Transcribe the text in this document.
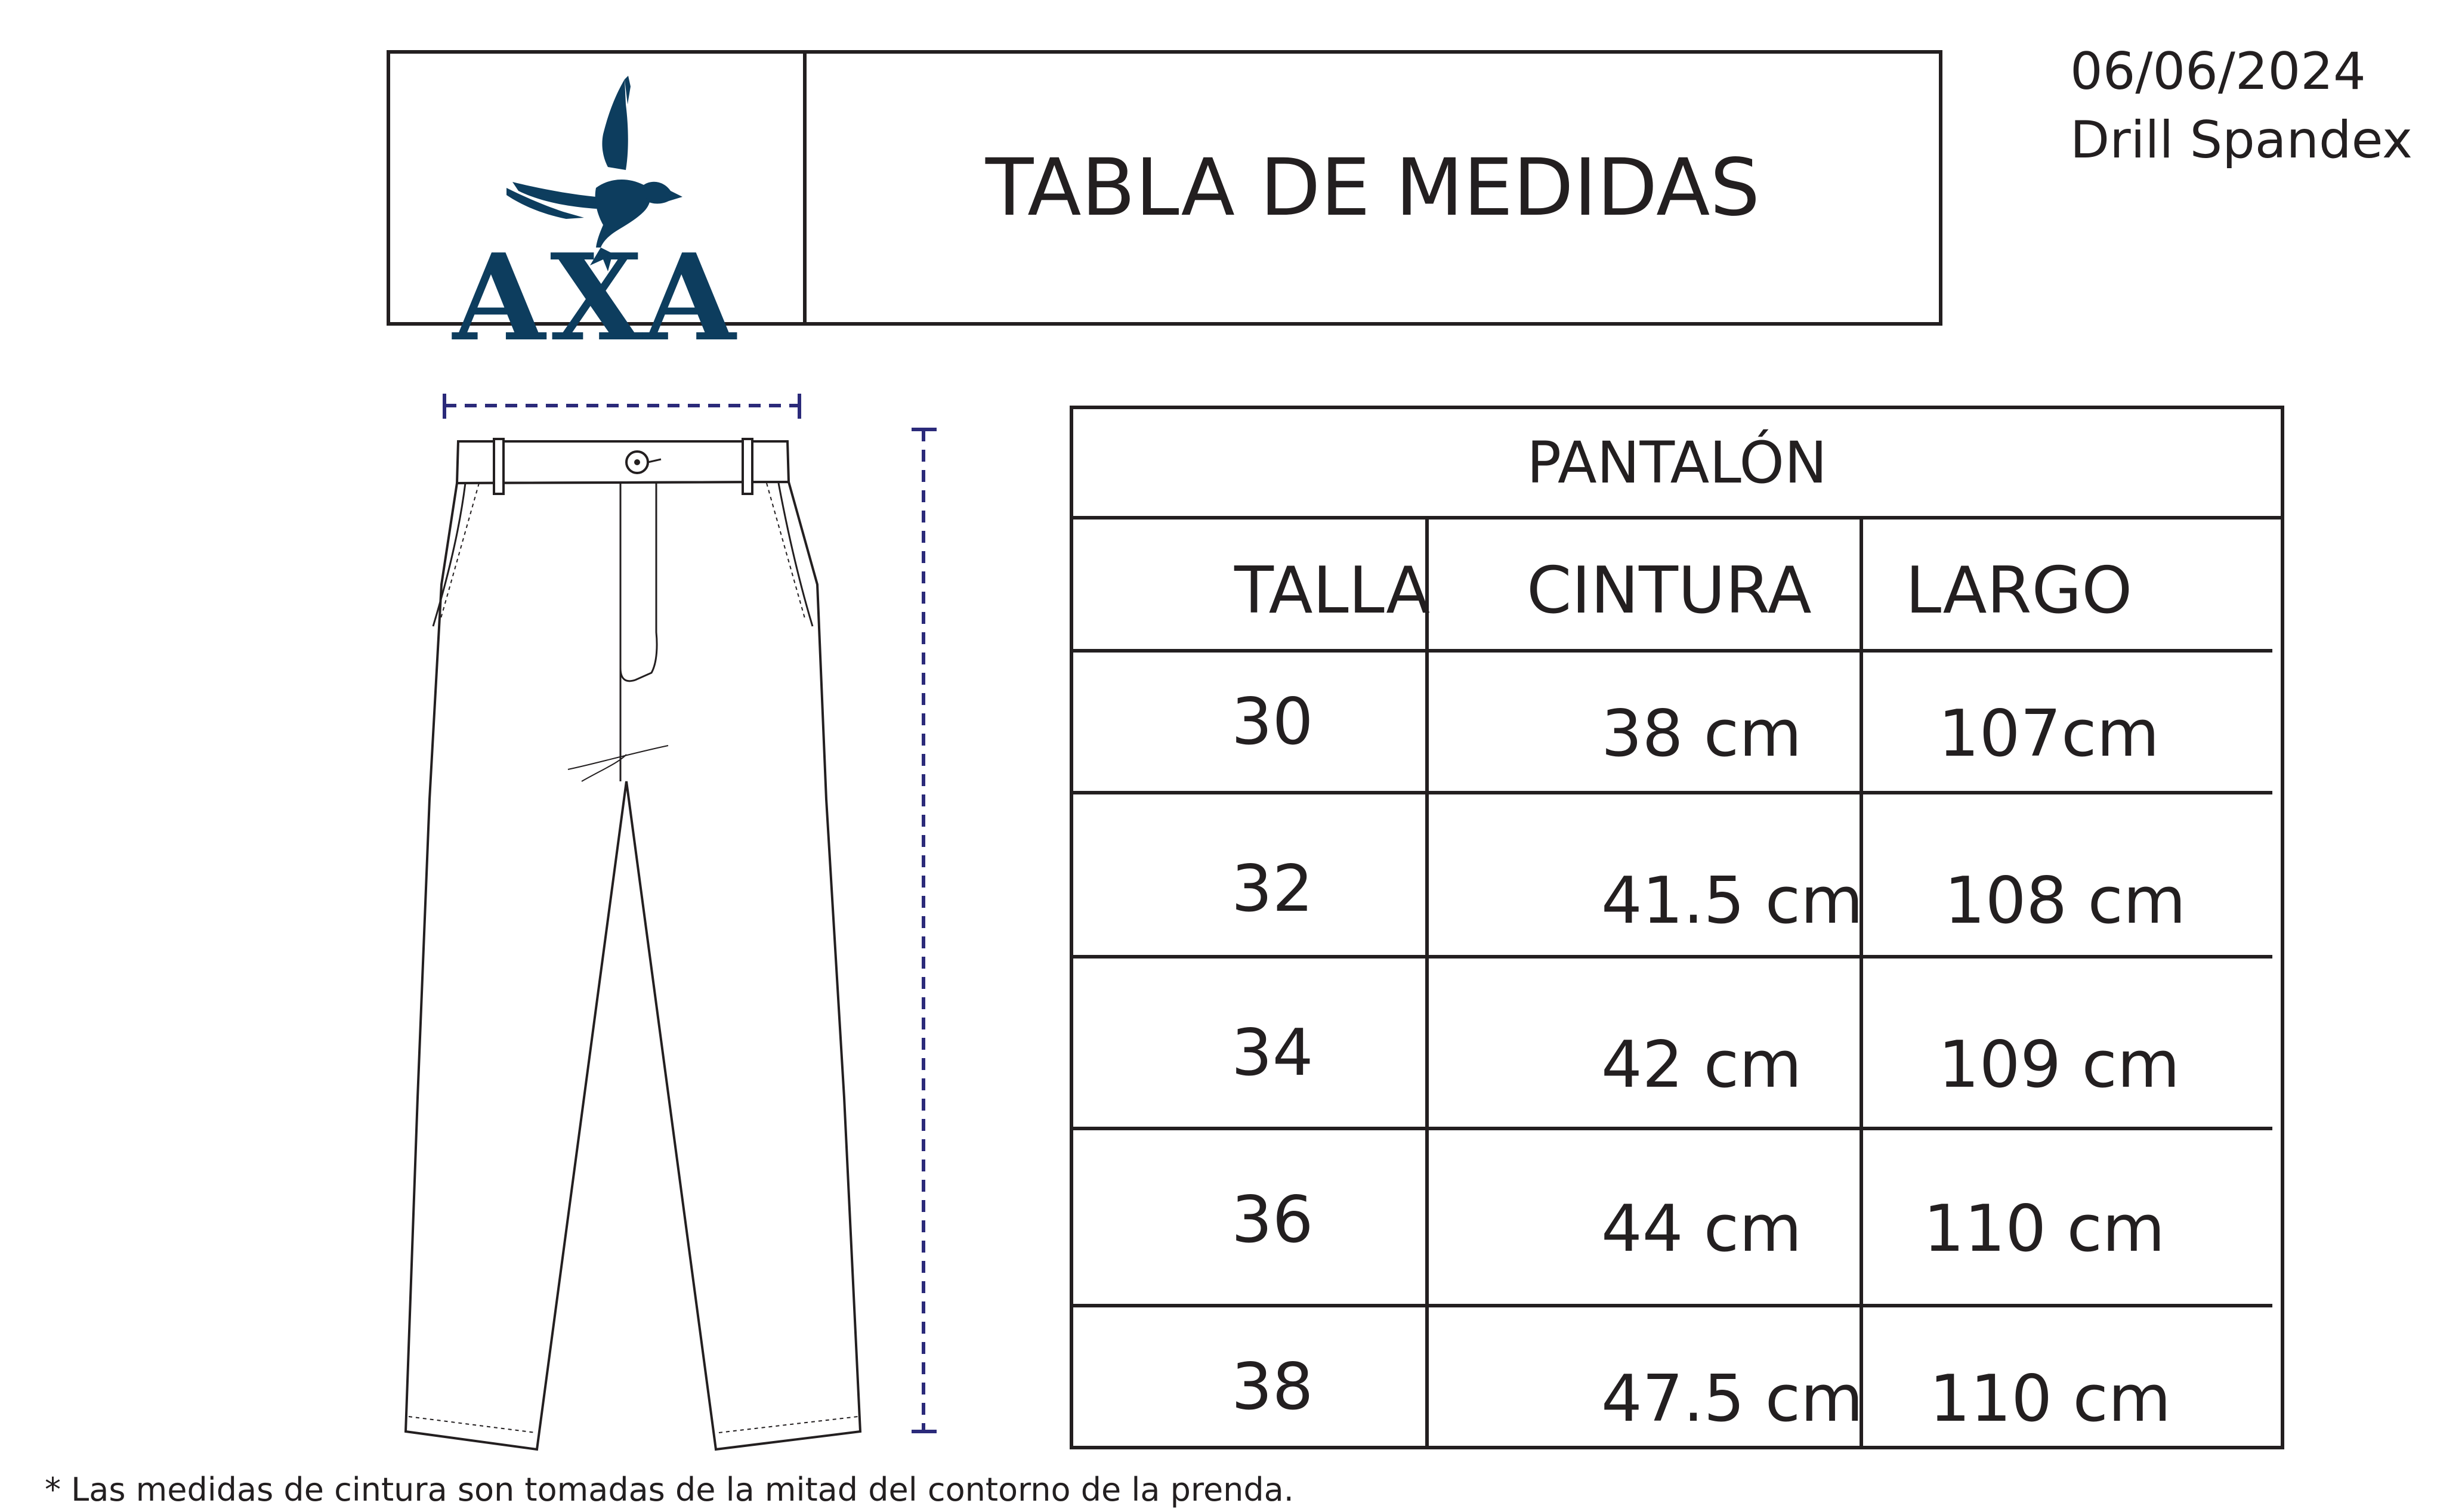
AXA
TABLA DE MEDIDAS
06/06/2024
Drill Spandex
PANTALÓN
TALLA CINTURA LARGO
30	38 cm 107cm
32	41.5 cm 108 cm
34	42 cm 109 cm
36	44 cm 110 cm
38	47.5 cm 110 cm
* Las medidas de cintura son tomadas de la mitad del contorno de la prenda.
